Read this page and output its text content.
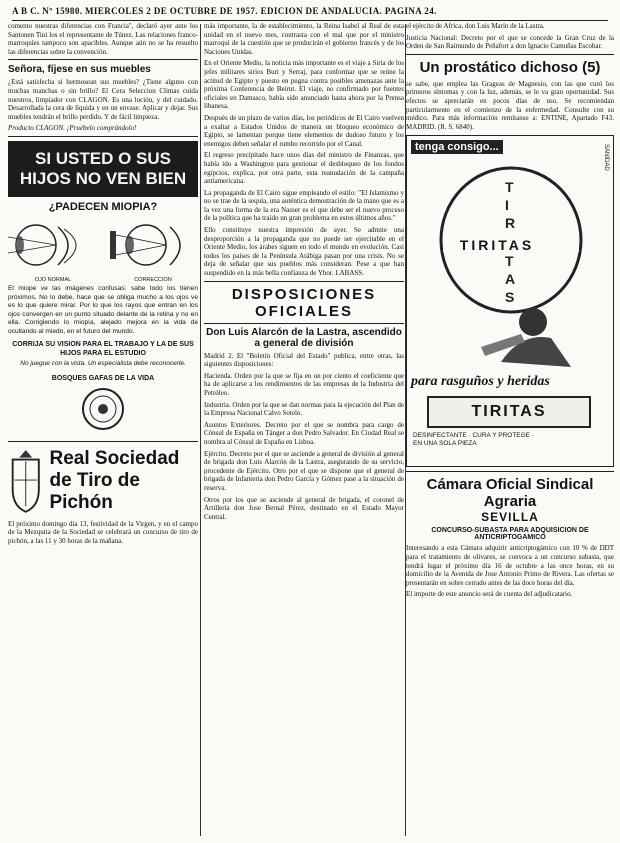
A B C. Nº 15980. MIERCOLES 2 DE OCTUBRE DE 1957. EDICION DE ANDALUCIA. PAGINA 24.

comento nuestras diferencias con Francia", declaró ayer ante los Santonen Tini los el representante de Túnez. Las relaciones franco-marroquíes tampoco son apacibles. Aunque aún no se ha resuelto las diferencias sobre la convención.

Señora, fíjese en sus muebles

¿Está satisfecha si hermosean sus muebles? ¿Tiene alguno con muchas manchas o sin brillo? El Cera Seleccion Climas cuida nuestros, limpiador con CLAGON. Es una loción, y del cuidado. Desarrollada la cera de líquida y en un envase. Aplicar y dejar. Sus muebles tendrán el brillo perdido. Y de fácil limpieza.

Producto CLAGON. ¡Pruébelo comprándolo!

SI USTED O SUS HIJOS NO VEN BIEN
¿PADECEN MIOPIA?
OJO NORMAL	CORRECCION

El miope ve las imágenes confusas: sabe todo los tienen próximos. No lo debe, hace que se obliga mucho a los ojos ve es lo que quiere mirar. Por lo que los rayos que entran en los ojos convergen en un punto situado delante de la retina y no en ella. Corrigiendo lo miopía, alejado mejora en la vida de ocultando al miedo, en el futuro del mundo.

CORRIJA SU VISION PARA EL TRABAJO Y LA DE SUS HIJOS PARA EL ESTUDIO
No juegue con la vista. Un especialista debe reconocerle.
BOSQUES GAFAS DE LA VIDA
Real Sociedad
de Tiro de Pichón

El próximo domingo día 13, festividad de la Virgen, y en el campo de la Mezquita de la Sociedad se celebrará un concurso de tiro de pichón, a las 11 y 30 horas de la mañana.

más importante, la de establecimiento, la Reina Isabel al Real de esta unidad en el nuevo mes, contrasta con el mal que por el ministro marroquí de la cuestión que se producirán el gobierno francés y de los Naciones Unidas.

En el Oriente Medio, la noticia más importante es el viaje a Siria de los jefes militares sirios Buri y Serraj, para conformar que se reúne la actitud de Egipto y puesto en pugna contra posibles amenazas ante la próxima Conferencia de Beirut. El viaje, no confirmado por fuentes oficiales en Damasco, había sido anunciado hasta ahora por la Prensa libanesa.

Después de un plazo de varios días, los periódicos de El Cairo vuelven a exaltar a Estados Unidos de manera un bloqueo económico de Egipto, se lamentan porque tiene elementos de dudoso futuro y los enemigos deben señalar el rumbo recorrido por el Canal.

El regreso precipitado hace unos días del ministro de Finanzas, que había ido a Washington para gestionar el desbloqueo de los fondos egipcios, explica, por otra parte, esta reanudación de la campaña antiamericana.

La propaganda de El Cairo sigue empleando el estilo: "El Islamismo y no se trae de la sequía, una auténtica demostración de la mano que es a la vez una forma de la era Nasser es el que debe ser el nuevo proceso de la política que ha traído un gran problema en estos últimos años."

Ello constituye nuestra impresión de ayer. Se admite una desproporción a la propaganda que no puede ser ejercitable en el Oriente Medio, los árabes siguen en todo el mundo en evolución. Casi todos los países de la Península Arábiga pasan por una crisis. No se deja de señalar que sus pueblos más consideran. Pese a que han suspendido en la más bella confianza de Ybor. LABASS.

DISPOSICIONES OFICIALES
Don Luis Alarcón de la Lastra, ascendido a general de división

Madrid 2. El "Boletín Oficial del Estado" publica, entre otras, las siguientes disposiciones:

Hacienda. Orden por la que se fija en un por ciento el coeficiente que ha de aplicarse a los rendimientos de las empresas de la Industria del Petróleo.

Industria. Orden por la que se dan normas para la ejecución del Plan de la Empresa Nacional Calvo Sotelo.

Asuntos Exteriores. Decreto por el que se nombra para cargo de Cónsul de España en Tánger a don Pedro Salvador. En Ciudad Real se nombra al Cónsul de España en Lisboa.

Ejército. Decreto por el que se asciende a general de división al general de brigada don Luis Alarcón de la Lastra, asegurando de su servicio, procedente de Ejército. Otro por el que se dispone que el general de brigada de Infantería don Pedro García y Gómez pase a la situación de reserva.

Otros por los que se asciende al general de brigada, el coronel de Artillería don Jose Bernal Pérez, destinado en el Estado Mayor Central.

el ejército de Africa, don Luis Marín de la Lastra.

Justicia Nacional: Decreto por el que se concede la Gran Cruz de la Orden de San Raimundo de Peñafort a don Ignacio Camuñas Escobar.

Un prostático dichoso (5)

se sabe, que emplea las Grageas de Magnesio, con las que curó los primeros síntomas y con la luz, además, se le va gran oportunidad. Sus efectos se apreciarán en pocos días de uso. Se recomiendan particularmente en el comienzo de la enfermedad. Consulte con su médico. Para más información remítanse a: ENTINE, Apartado F43. MADRID. (R. S. 6840).

tenga consigo...	SANIDAD
T
I
R
T
A
S
TIRITAS
para rasguños y heridas
TIRITAS
DESINFECTANTE · CURA Y PROTEGE · EN UNA SOLA PIEZA
Cámara Oficial Sindical Agraria
SEVILLA
CONCURSO-SUBASTA PARA ADQUISICION DE ANTICRIPTOGAMICO

Interesando a esta Cámara adquirir anticriptogámico con 10 % de DDT para el tratamiento de olivares, se convoca a un concurso subasta, que tendrá lugar el próximo día 16 de octubre a las once horas, en su domicilio de la Avenida de Jose Antonio Primo de Rivera. Las ofertas se presentarán en sobre cerrado antes de las doce horas del día.

El importe de este anuncio será de cuenta del adjudicatario.
